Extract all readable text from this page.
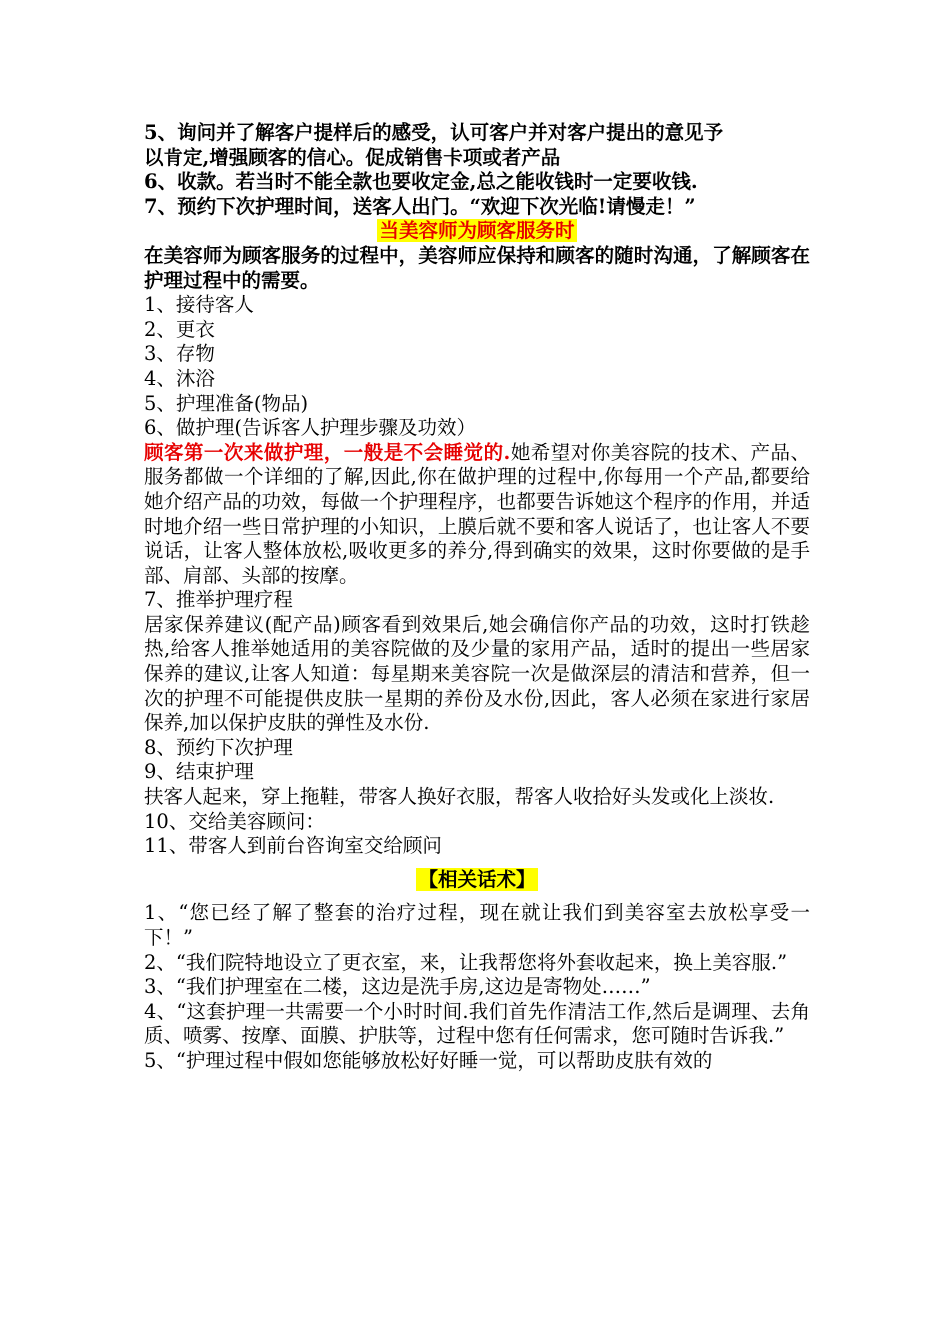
5、询问并了解客户提样后的感受，认可客户并对客户提出的意见予

以肯定,增强顾客的信心。促成销售卡项或者产品

6、收款。若当时不能全款也要收定金,总之能收钱时一定要收钱.

7、预约下次护理时间，送客人出门。“欢迎下次光临!请慢走！”

当美容师为顾客服务时

在美容师为顾客服务的过程中，美容师应保持和顾客的随时沟通，了解顾客在护理过程中的需要。

1、接待客人

2、更衣

3、存物

4、沐浴

5、护理准备(物品)

6、做护理(告诉客人护理步骤及功效）

顾客第一次来做护理，一般是不会睡觉的.她希望对你美容院的技术、产品、服务都做一个详细的了解,因此,你在做护理的过程中,你每用一个产品,都要给她介绍产品的功效，每做一个护理程序，也都要告诉她这个程序的作用，并适时地介绍一些日常护理的小知识，上膜后就不要和客人说话了，也让客人不要说话，让客人整体放松,吸收更多的养分,得到确实的效果，这时你要做的是手部、肩部、头部的按摩。

7、推举护理疗程

居家保养建议(配产品)顾客看到效果后,她会确信你产品的功效，这时打铁趁热,给客人推举她适用的美容院做的及少量的家用产品，适时的提出一些居家保养的建议,让客人知道：每星期来美容院一次是做深层的清洁和营养，但一次的护理不可能提供皮肤一星期的养份及水份,因此，客人必须在家进行家居保养,加以保护皮肤的弹性及水份.

8、预约下次护理

9、结束护理

扶客人起来，穿上拖鞋，带客人换好衣服，帮客人收拾好头发或化上淡妆.

10、交给美容顾问：

11、带客人到前台咨询室交给顾问

【相关话术】

1、“您已经了解了整套的治疗过程，现在就让我们到美容室去放松享受一下！”

2、“我们院特地设立了更衣室，来，让我帮您将外套收起来，换上美容服.”

3、“我们护理室在二楼，这边是洗手房,这边是寄物处……”

4、“这套护理一共需要一个小时时间.我们首先作清洁工作,然后是调理、去角质、喷雾、按摩、面膜、护肤等，过程中您有任何需求，您可随时告诉我.”

5、“护理过程中假如您能够放松好好睡一觉，可以帮助皮肤有效的
